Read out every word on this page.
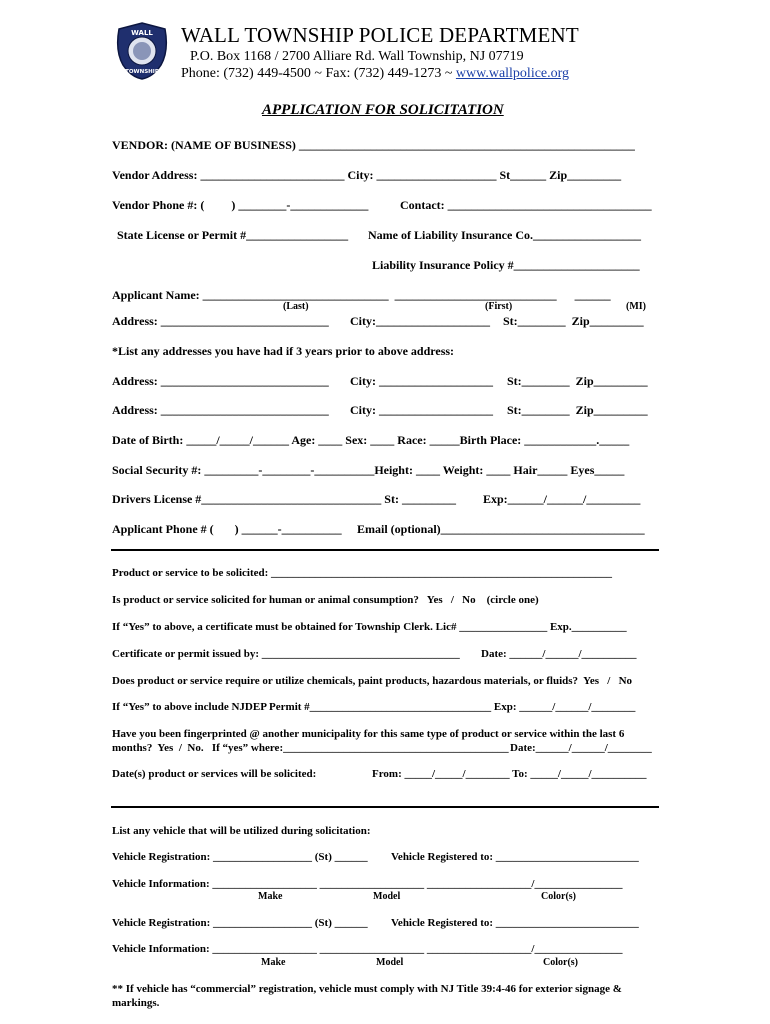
WALL
TOWNSHIP
WALL TOWNSHIP POLICE DEPARTMENT
P.O. Box 1168 / 2700 Alliare Rd. Wall Township, NJ 07719
Phone: (732) 449-4500 ~ Fax: (732) 449-1273 ~ www.wallpolice.org
APPLICATION FOR SOLICITATION
VENDOR: (NAME OF BUSINESS) ________________________________________________________
Vendor Address: ________________________ City: ____________________ St______ Zip_________
Vendor Phone #: (         ) ________-_____________	Contact: __________________________________
State License or Permit #_________________ Name of Liability Insurance Co.__________________
Liability Insurance Policy #_____________________
Applicant Name: _______________________________  ___________________________      ______
(Last)	(First)	(MI)
Address: ____________________________ City:___________________ St:________  Zip_________
*List any addresses you have had if 3 years prior to above address:
Address: ____________________________ City: ___________________ St:________  Zip_________
Address: ____________________________ City: ___________________ St:________  Zip_________
Date of Birth: _____/_____/______ Age: ____ Sex: ____ Race: _____Birth Place: ____________._____
Social Security #: _________-________-__________Height: ____ Weight: ____ Hair_____ Eyes_____
Drivers License #______________________________ St: _________ Exp:______/______/_________
Applicant Phone # (       ) ______-__________ Email (optional)__________________________________
Product or service to be solicited: ______________________________________________________________
Is product or service solicited for human or animal consumption?   Yes   /   No    (circle one)
If “Yes” to above, a certificate must be obtained for Township Clerk. Lic# ________________ Exp.__________
Certificate or permit issued by: ____________________________________ Date: ______/______/__________
Does product or service require or utilize chemicals, paint products, hazardous materials, or fluids?  Yes   /   No
If “Yes” to above include NJDEP Permit #_________________________________ Exp: ______/______/________
Have you been fingerprinted @ another municipality for this same type of product or service within the last 6
months?  Yes  /  No.   If “yes” where:_________________________________________ Date:______/______/________
Date(s) product or services will be solicited:	From: _____/_____/________ To: _____/_____/__________
List any vehicle that will be utilized during solicitation:
Vehicle Registration: __________________ (St) ______ Vehicle Registered to: __________________________
Vehicle Information: ___________________ ___________________ ___________________/________________
Make	Model	Color(s)
Vehicle Registration: __________________ (St) ______ Vehicle Registered to: __________________________
Vehicle Information: ___________________ ___________________ ___________________/________________
Make	Model	Color(s)
** If vehicle has “commercial” registration, vehicle must comply with NJ Title 39:4-46 for exterior signage &
markings.
